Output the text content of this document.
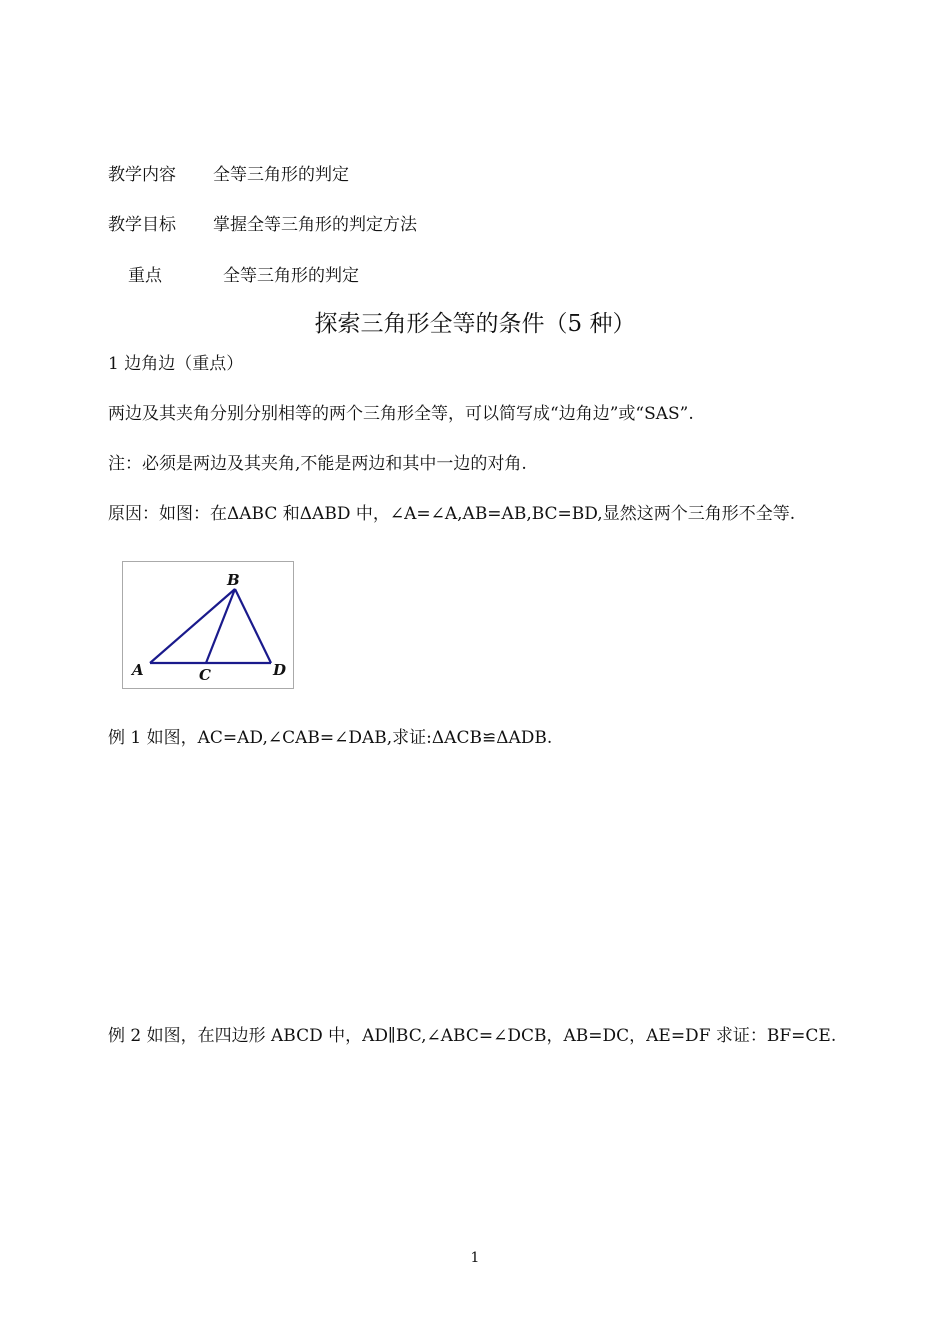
教学内容 全等三角形的判定
教学目标 掌握全等三角形的判定方法
重点	全等三角形的判定
探索三角形全等的条件（5 种）
1 边角边（重点）
两边及其夹角分别分别相等的两个三角形全等，可以简写成“边角边”或“SAS”.
注：必须是两边及其夹角,不能是两边和其中一边的对角.
原因：如图：在ΔABC 和ΔABD 中，∠A=∠A,AB=AB,BC=BD,显然这两个三角形不全等.
B
A	C	D
例 1 如图，AC=AD,∠CAB=∠DAB,求证:ΔACB≌ΔADB.
例 2 如图，在四边形 ABCD 中，AD∥BC,∠ABC=∠DCB，AB=DC，AE=DF 求证：BF=CE.
1
